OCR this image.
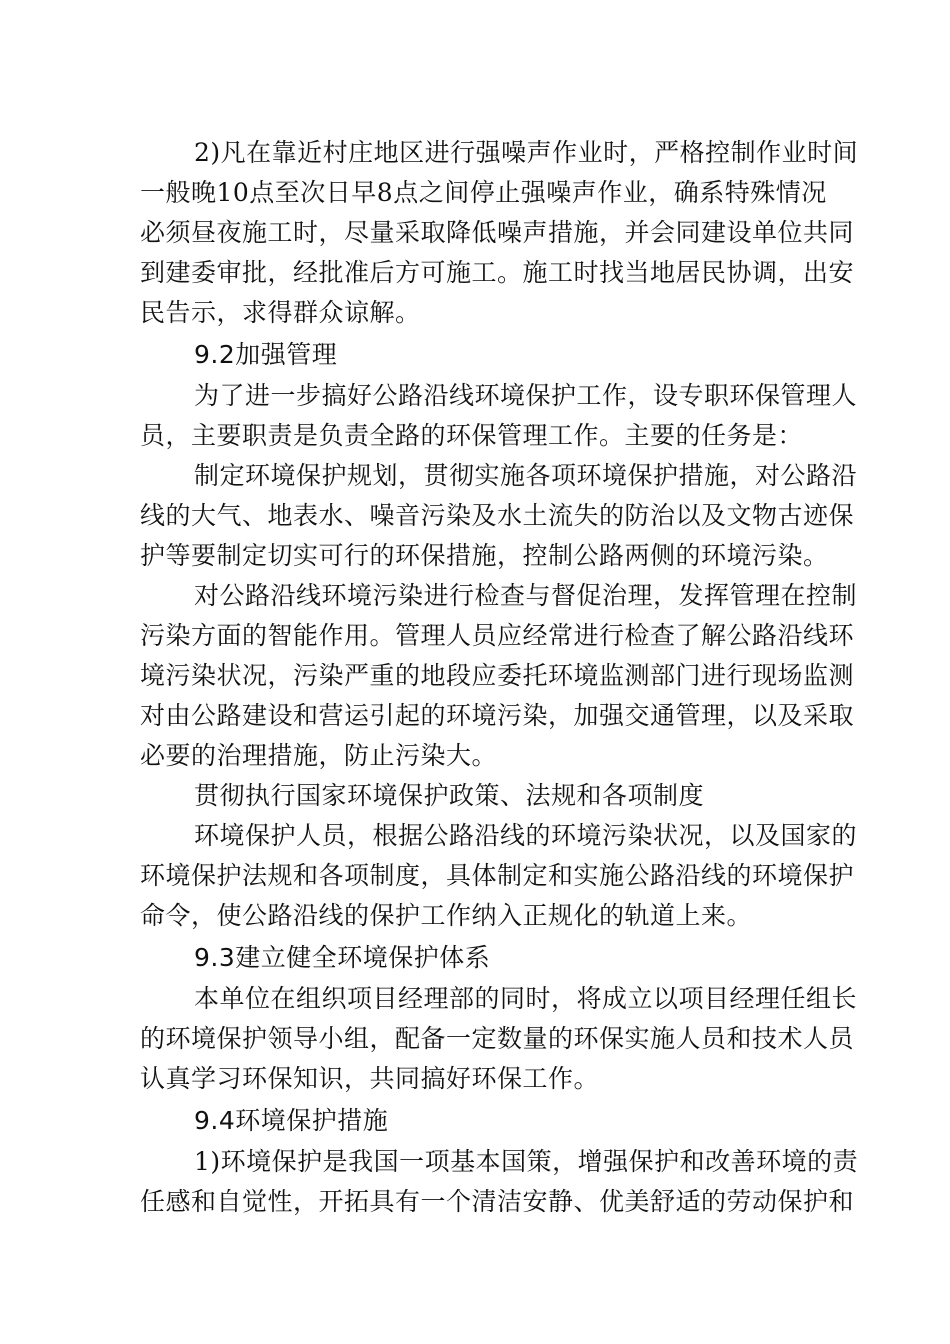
2)凡在靠近村庄地区进行强噪声作业时，严格控制作业时间
一般晚10点至次日早8点之间停止强噪声作业，确系特殊情况
必须昼夜施工时，尽量采取降低噪声措施，并会同建设单位共同
到建委审批，经批准后方可施工。施工时找当地居民协调，出安
民告示，求得群众谅解。
9.2加强管理
为了进一步搞好公路沿线环境保护工作，设专职环保管理人
员，主要职责是负责全路的环保管理工作。主要的任务是：
制定环境保护规划，贯彻实施各项环境保护措施，对公路沿
线的大气、地表水、噪音污染及水土流失的防治以及文物古迹保
护等要制定切实可行的环保措施，控制公路两侧的环境污染。
对公路沿线环境污染进行检查与督促治理，发挥管理在控制
污染方面的智能作用。管理人员应经常进行检查了解公路沿线环
境污染状况，污染严重的地段应委托环境监测部门进行现场监测
对由公路建设和营运引起的环境污染，加强交通管理，以及采取
必要的治理措施，防止污染大。
贯彻执行国家环境保护政策、法规和各项制度
环境保护人员，根据公路沿线的环境污染状况，以及国家的
环境保护法规和各项制度，具体制定和实施公路沿线的环境保护
命令，使公路沿线的保护工作纳入正规化的轨道上来。
9.3建立健全环境保护体系
本单位在组织项目经理部的同时，将成立以项目经理任组长
的环境保护领导小组，配备一定数量的环保实施人员和技术人员
认真学习环保知识，共同搞好环保工作。
9.4环境保护措施
1)环境保护是我国一项基本国策，增强保护和改善环境的责
任感和自觉性，开拓具有一个清洁安静、优美舒适的劳动保护和
